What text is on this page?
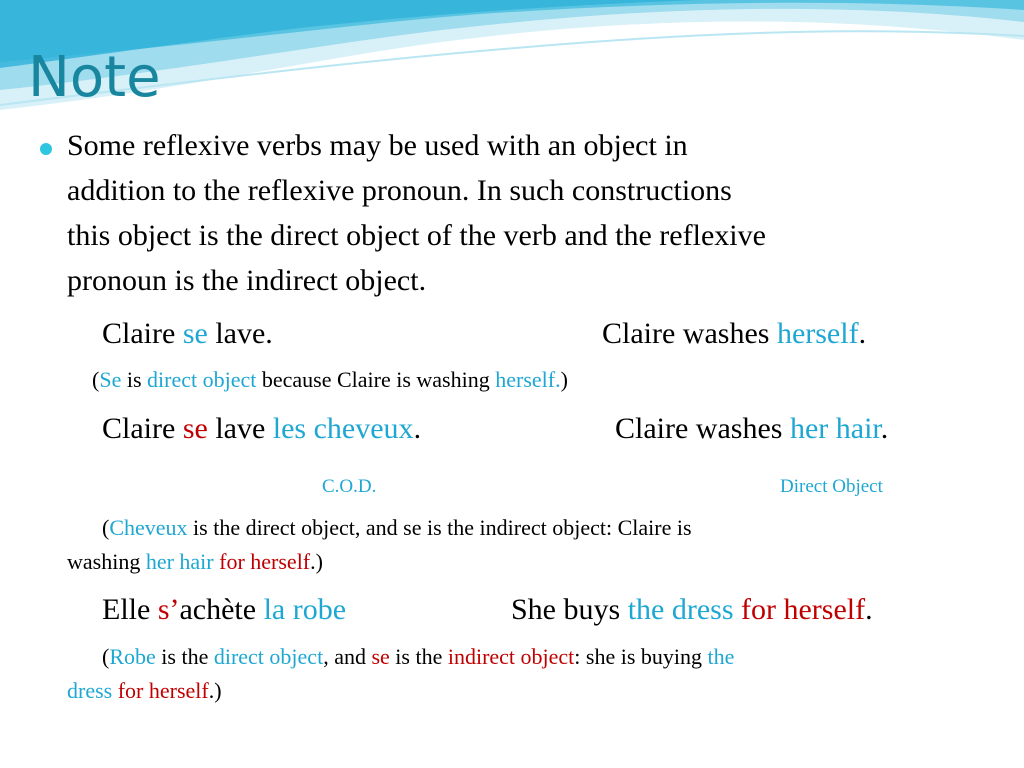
Note
Some reflexive verbs may be used with an object in
addition to the reflexive pronoun. In such constructions
this object is the direct object of the verb and the reflexive
pronoun is the indirect object.
Claire se lave.	Claire washes herself.
(Se is direct object because Claire is washing herself.)
Claire se lave les cheveux.	Claire washes her hair.
C.O.D.	Direct Object
(Cheveux is the direct object, and se is the indirect object: Claire is
washing her hair for herself.)
Elle s’achète la robe	She buys the dress for herself.
(Robe is the direct object, and se is the indirect object: she is buying the
dress for herself.)
